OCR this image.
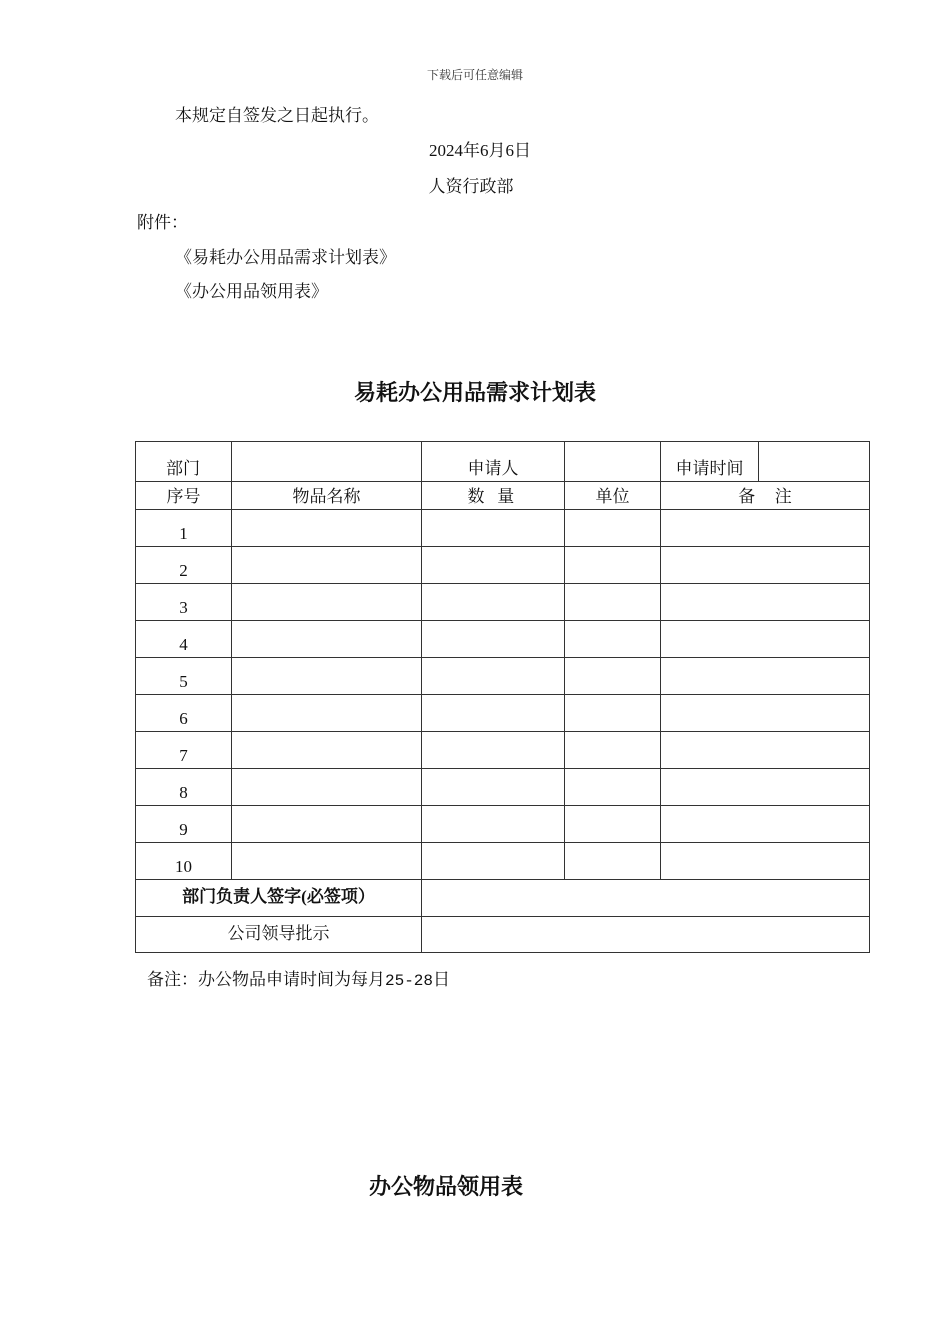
下载后可任意编辑
本规定自签发之日起执行。
2024年6月6日
人资行政部
附件：
《易耗办公用品需求计划表》
《办公用品领用表》
易耗办公用品需求计划表
部门		申请人		申请时间	
序号	物品名称	数 量	单位	备 注	
1					
2					
3					
4					
5					
6					
7					
8					
9					
10					
部门负责人签字(必签项）					
公司领导批示					
备注：办公物品申请时间为每月25-28日
办公物品领用表
